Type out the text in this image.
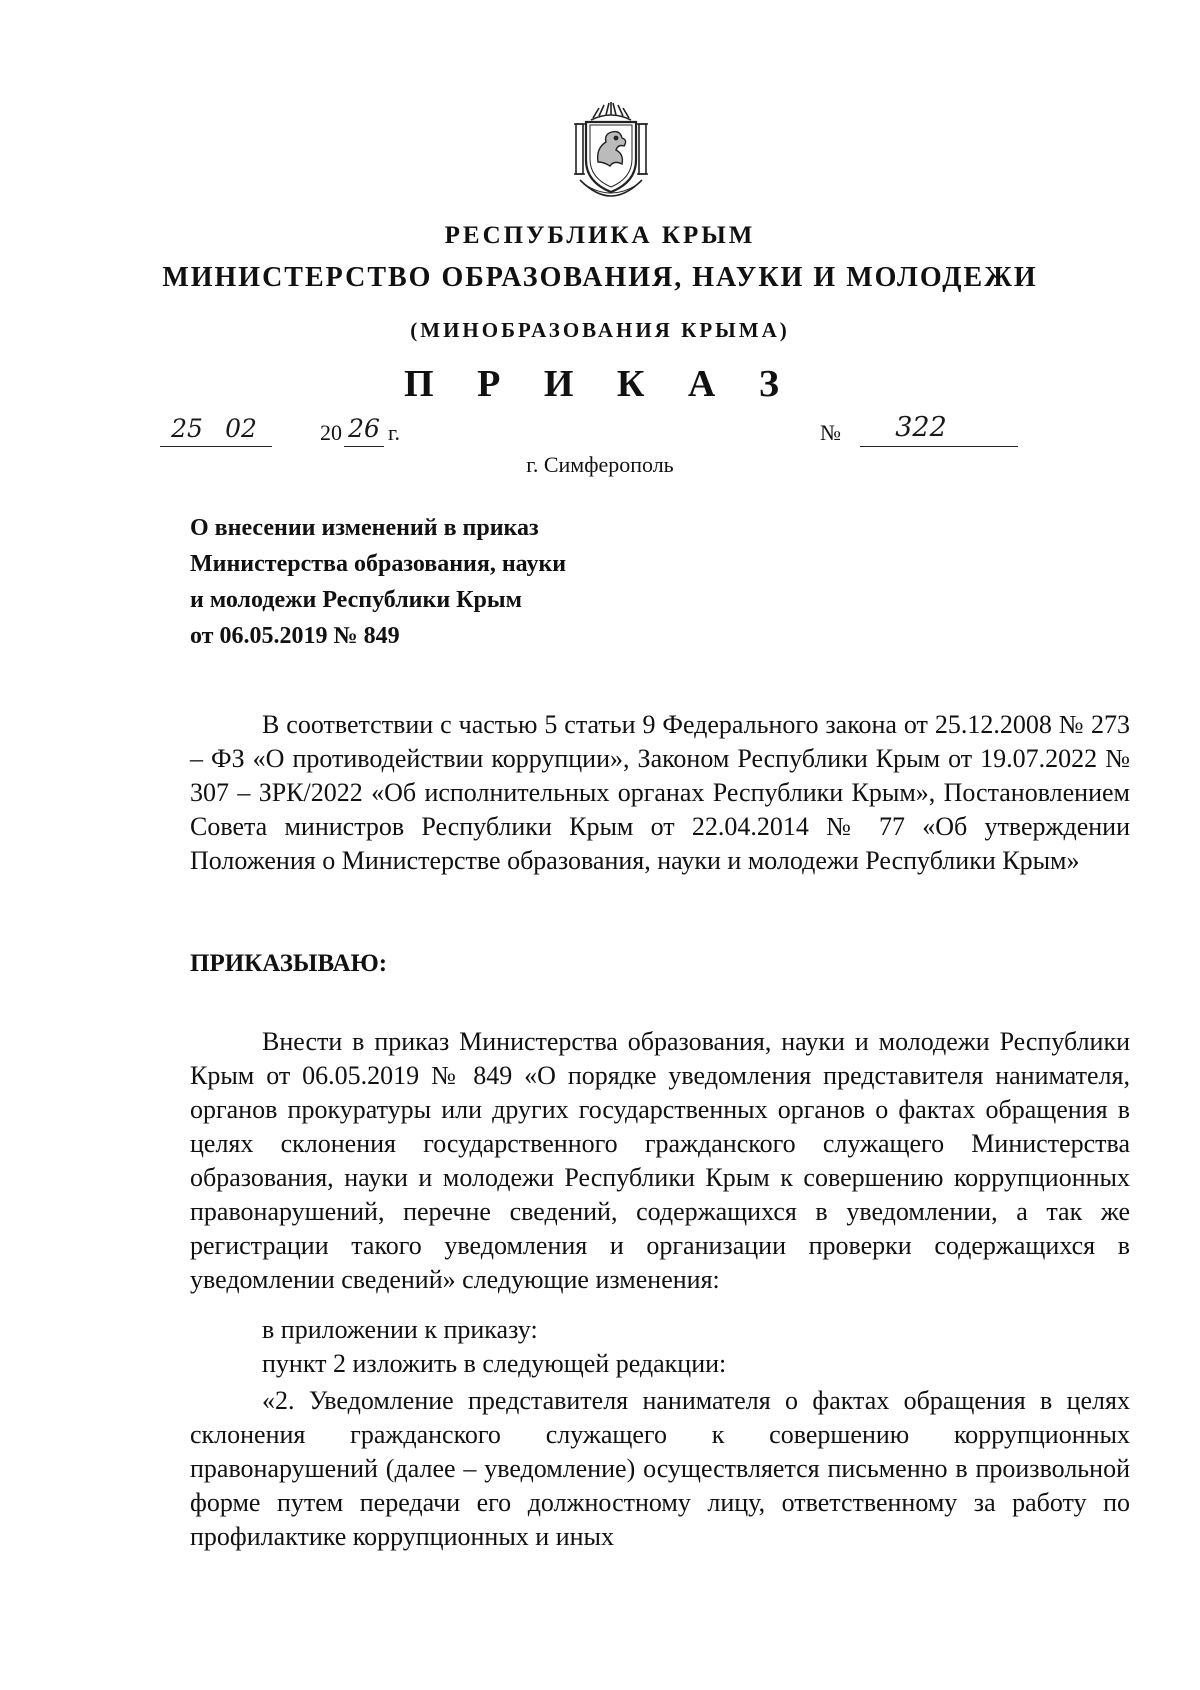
РЕСПУБЛИКА КРЫМ
МИНИСТЕРСТВО ОБРАЗОВАНИЯ, НАУКИ И МОЛОДЕЖИ
(МИНОБРАЗОВАНИЯ КРЫМА)
П Р И К А З
25 02	20 26 г.	№	322
г. Симферополь
О внесении изменений в приказ
Министерства образования, науки
и молодежи Республики Крым
от 06.05.2019 № 849
В соответствии с частью 5 статьи 9 Федерального закона от 25.12.2008 № 273 – ФЗ «О противодействии коррупции», Законом Республики Крым от 19.07.2022 № 307 – ЗРК/2022 «Об исполнительных органах Республики Крым», Постановлением Совета министров Республики Крым от 22.04.2014 № 77 «Об утверждении Положения о Министерстве образования, науки и молодежи Республики Крым»
ПРИКАЗЫВАЮ:
Внести в приказ Министерства образования, науки и молодежи Республики Крым от 06.05.2019 № 849 «О порядке уведомления представителя нанимателя, органов прокуратуры или других государственных органов о фактах обращения в целях склонения государственного гражданского служащего Министерства образования, науки и молодежи Республики Крым к совершению коррупционных правонарушений, перечне сведений, содержащихся в уведомлении, а так же регистрации такого уведомления и организации проверки содержащихся в уведомлении сведений» следующие изменения:
в приложении к приказу:
пункт 2 изложить в следующей редакции:
«2. Уведомление представителя нанимателя о фактах обращения в целях склонения гражданского служащего к совершению коррупционных правонарушений (далее – уведомление) осуществляется письменно в произвольной форме путем передачи его должностному лицу, ответственному за работу по профилактике коррупционных и иных
